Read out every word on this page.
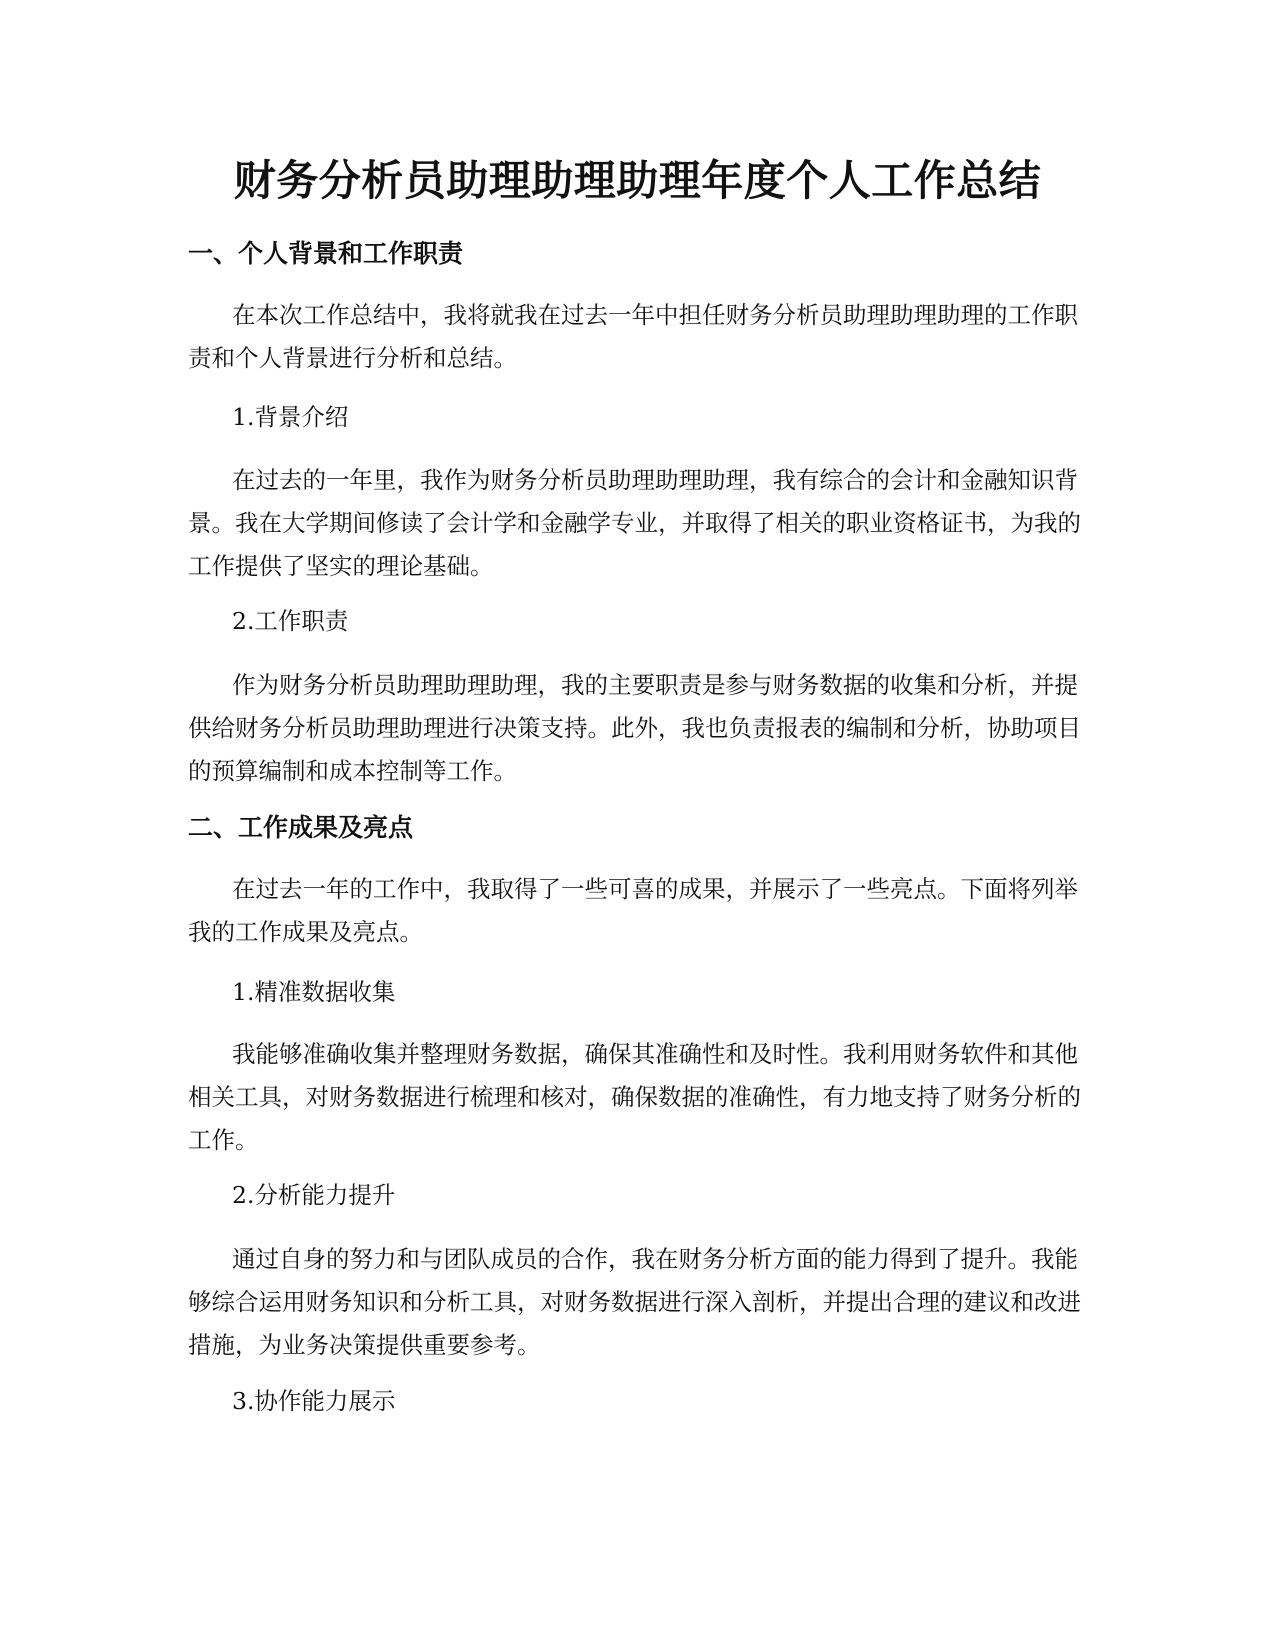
财务分析员助理助理助理年度个人工作总结
一、个人背景和工作职责

在本次工作总结中，我将就我在过去一年中担任财务分析员助理助理助理的工作职责和个人背景进行分析和总结。

1.背景介绍

在过去的一年里，我作为财务分析员助理助理助理，我有综合的会计和金融知识背景。我在大学期间修读了会计学和金融学专业，并取得了相关的职业资格证书，为我的工作提供了坚实的理论基础。

2.工作职责

作为财务分析员助理助理助理，我的主要职责是参与财务数据的收集和分析，并提供给财务分析员助理助理进行决策支持。此外，我也负责报表的编制和分析，协助项目的预算编制和成本控制等工作。

二、工作成果及亮点

在过去一年的工作中，我取得了一些可喜的成果，并展示了一些亮点。下面将列举我的工作成果及亮点。

1.精准数据收集

我能够准确收集并整理财务数据，确保其准确性和及时性。我利用财务软件和其他相关工具，对财务数据进行梳理和核对，确保数据的准确性，有力地支持了财务分析的工作。

2.分析能力提升

通过自身的努力和与团队成员的合作，我在财务分析方面的能力得到了提升。我能够综合运用财务知识和分析工具，对财务数据进行深入剖析，并提出合理的建议和改进措施，为业务决策提供重要参考。

3.协作能力展示
